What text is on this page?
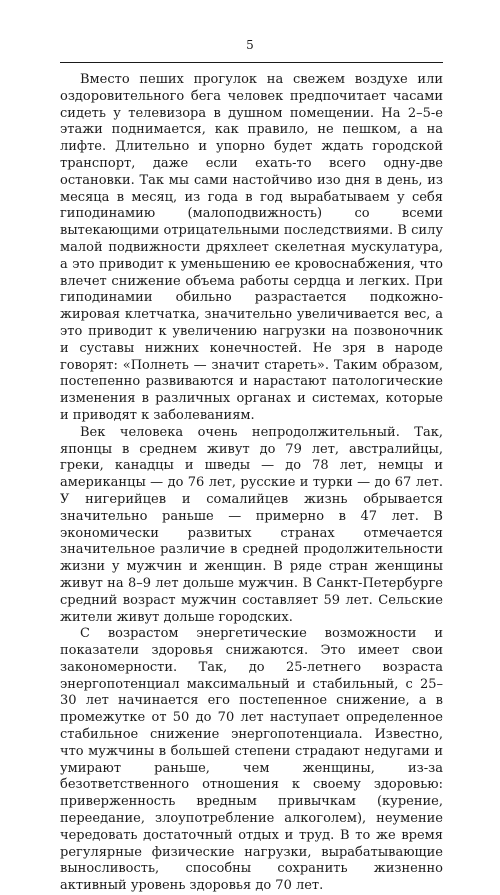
5

Вместо пеших прогулок на свежем воздухе или оздоровительного бега человек предпочитает часами сидеть у телевизора в душном помещении. На 2–5-е этажи поднимается, как правило, не пешком, а на лифте. Длительно и упорно будет ждать городской транспорт, даже если ехать-то всего одну-две остановки. Так мы сами настойчиво изо дня в день, из месяца в месяц, из года в год вырабатываем у себя гиподинамию (малоподвижность) со всеми вытекающими отрицательными последствиями. В силу малой подвижности дряхлеет скелетная мускулатура, а это приводит к уменьшению ее кровоснабжения, что влечет снижение объема работы сердца и легких. При гиподинамии обильно разрастается подкожно-жировая клетчатка, значительно увеличивается вес, а это приводит к увеличению нагрузки на позвоночник и суставы нижних конечностей. Не зря в народе говорят: «Полнеть — значит стареть». Таким образом, постепенно развиваются и нарастают патологические изменения в различных органах и системах, которые и приводят к заболеваниям.

Век человека очень непродолжительный. Так, японцы в среднем живут до 79 лет, австралийцы, греки, канадцы и шведы — до 78 лет, немцы и американцы — до 76 лет, русские и турки — до 67 лет. У нигерийцев и сомалийцев жизнь обрывается значительно раньше — примерно в 47 лет. В экономически развитых странах отмечается значительное различие в средней продолжительности жизни у мужчин и женщин. В ряде стран женщины живут на 8–9 лет дольше мужчин. В Санкт-Петербурге средний возраст мужчин составляет 59 лет. Сельские жители живут дольше городских.

С возрастом энергетические возможности и показатели здоровья снижаются. Это имеет свои закономерности. Так, до 25-летнего возраста энергопотенциал максимальный и стабильный, с 25–30 лет начинается его постепенное снижение, а в промежутке от 50 до 70 лет наступает определенное стабильное снижение энергопотенциала. Известно, что мужчины в большей степени страдают недугами и умирают раньше, чем женщины, из-за безответственного отношения к своему здоровью: приверженность вредным привычкам (курение, переедание, злоупотребление алкоголем), неумение чередовать достаточный отдых и труд. В то же время регулярные физические нагрузки, вырабатывающие выносливость, способны сохранить жизненно активный уровень здоровья до 70 лет.
